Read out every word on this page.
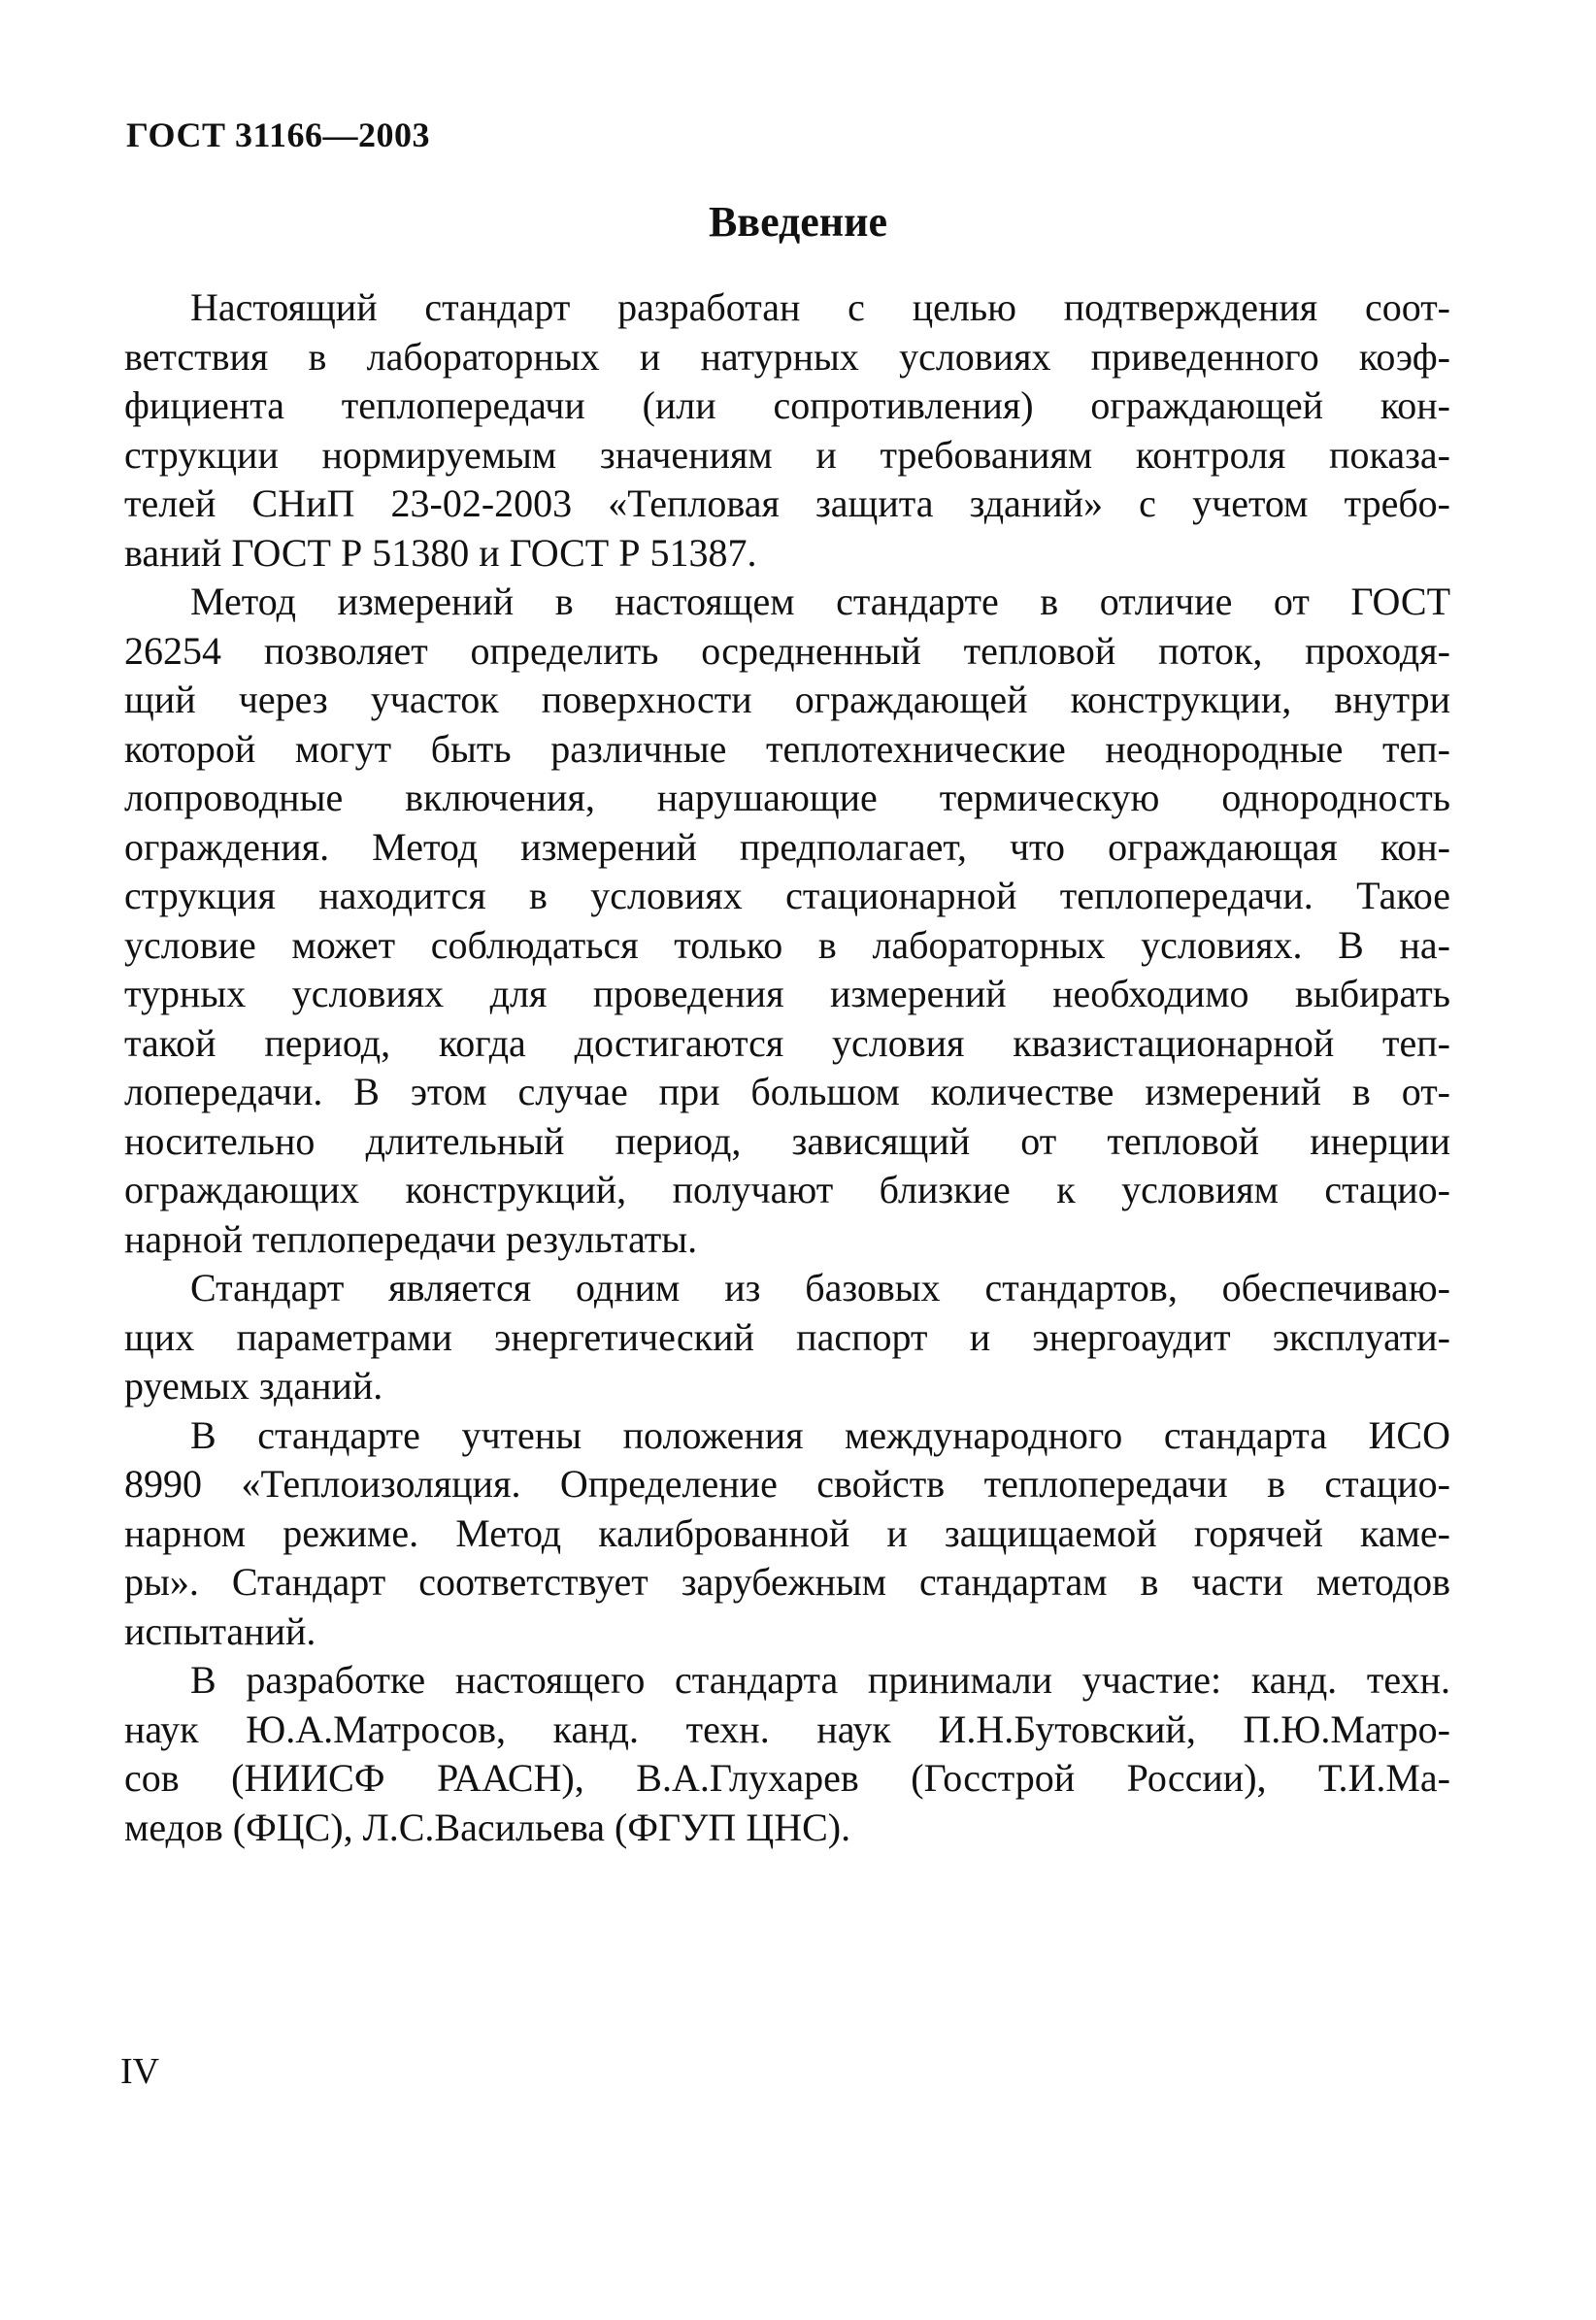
ГОСТ 31166—2003
Введение

Настоящий стандарт разработан с целью подтверждения соот-
ветствия в лабораторных и натурных условиях приведенного коэф-
фициента теплопередачи (или сопротивления) ограждающей кон-
струкции нормируемым значениям и требованиям контроля показа-
телей СНиП 23-02-2003 «Тепловая защита зданий» с учетом требо-
ваний ГОСТ Р 51380 и ГОСТ Р 51387.

Метод измерений в настоящем стандарте в отличие от ГОСТ
26254 позволяет определить осредненный тепловой поток, проходя-
щий через участок поверхности ограждающей конструкции, внутри
которой могут быть различные теплотехнические неоднородные теп-
лопроводные включения, нарушающие термическую однородность
ограждения. Метод измерений предполагает, что ограждающая кон-
струкция находится в условиях стационарной теплопередачи. Такое
условие может соблюдаться только в лабораторных условиях. В на-
турных условиях для проведения измерений необходимо выбирать
такой период, когда достигаются условия квазистационарной теп-
лопередачи. В этом случае при большом количестве измерений в от-
носительно длительный период, зависящий от тепловой инерции
ограждающих конструкций, получают близкие к условиям стацио-
нарной теплопередачи результаты.

Стандарт является одним из базовых стандартов, обеспечиваю-
щих параметрами энергетический паспорт и энергоаудит эксплуати-
руемых зданий.

В стандарте учтены положения международного стандарта ИСО
8990 «Теплоизоляция. Определение свойств теплопередачи в стацио-
нарном режиме. Метод калиброванной и защищаемой горячей каме-
ры». Стандарт соответствует зарубежным стандартам в части методов
испытаний.

В разработке настоящего стандарта принимали участие: канд. техн.
наук Ю.А.Матросов, канд. техн. наук И.Н.Бутовский, П.Ю.Матро-
сов (НИИСФ РААСН), В.А.Глухарев (Госстрой России), Т.И.Ма-
медов (ФЦС), Л.С.Васильева (ФГУП ЦНС).

IV
